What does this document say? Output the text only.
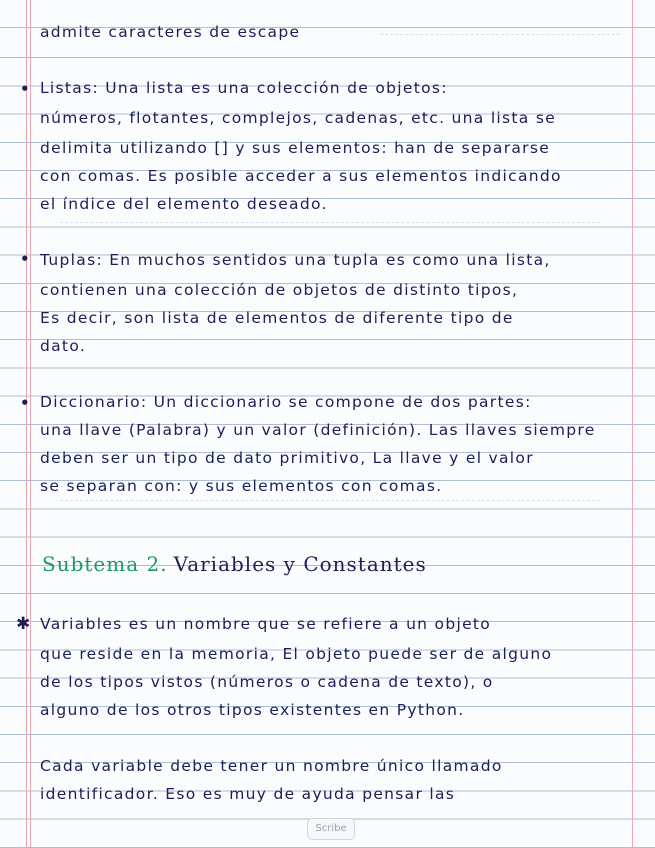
admite caracteres de escape
• Listas: Una lista es una colección de objetos:
números, flotantes, complejos, cadenas, etc. una lista se
delimita utilizando [] y sus elementos: han de separarse
con comas. Es posible acceder a sus elementos indicando
el índice del elemento deseado.
• Tuplas: En muchos sentidos una tupla es como una lista,
contienen una colección de objetos de distinto tipos,
Es decir, son lista de elementos de diferente tipo de
dato.
• Diccionario: Un diccionario se compone de dos partes:
una llave (Palabra) y un valor (definición). Las llaves siempre
deben ser un tipo de dato primitivo, La llave y el valor
se separan con: y sus elementos con comas.
Subtema 2. Variables y Constantes
✱ Variables es un nombre que se refiere a un objeto
que reside en la memoria, El objeto puede ser de alguno
de los tipos vistos (números o cadena de texto), o
alguno de los otros tipos existentes en Python.
Cada variable debe tener un nombre único llamado
identificador. Eso es muy de ayuda pensar las
Scribe
